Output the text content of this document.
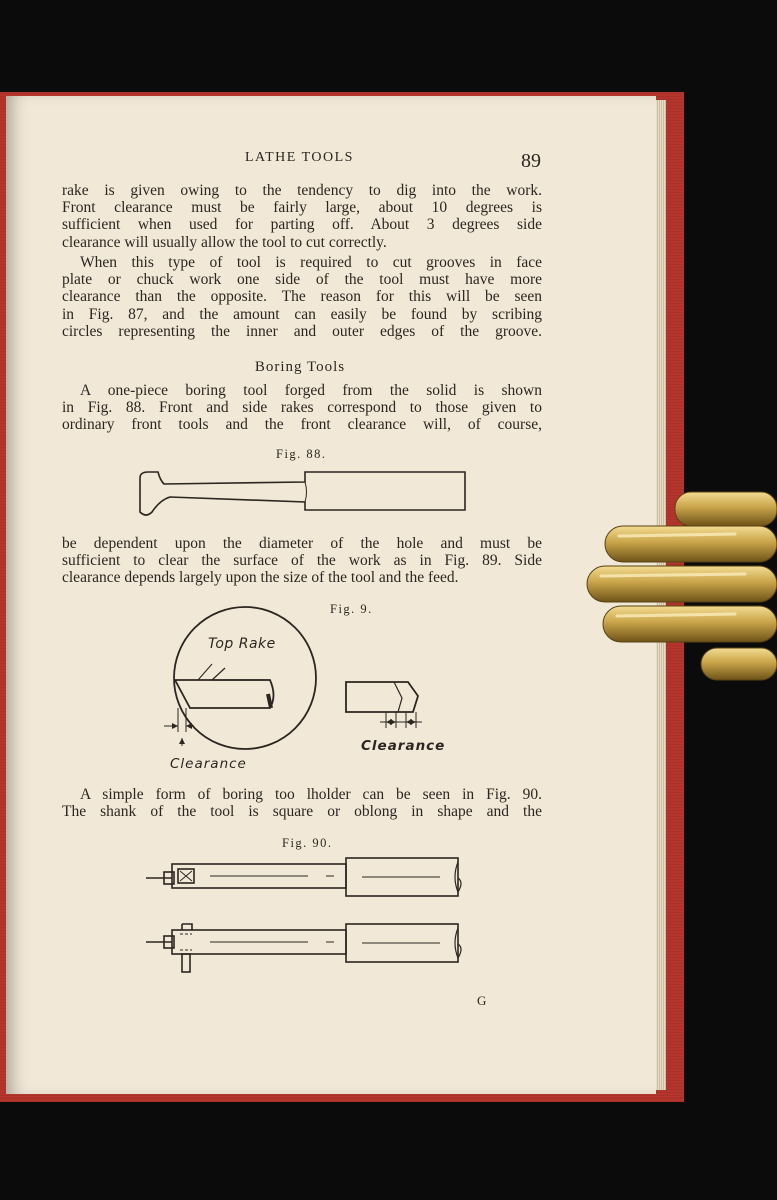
LATHE TOOLS	89
rake is given owing to the tendency to dig into the work.
Front clearance must be fairly large, about 10 degrees is
sufficient when used for parting off. About 3 degrees side
clearance will usually allow the tool to cut correctly.
When this type of tool is required to cut grooves in face
plate or chuck work one side of the tool must have more
clearance than the opposite. The reason for this will be seen
in Fig. 87, and the amount can easily be found by scribing
circles representing the inner and outer edges of the groove.
Boring Tools
A one-piece boring tool forged from the solid is shown
in Fig. 88. Front and side rakes correspond to those given to
ordinary front tools and the front clearance will, of course,
Fig. 88.
be dependent upon the diameter of the hole and must be
sufficient to clear the surface of the work as in Fig. 89. Side
clearance depends largely upon the size of the tool and the feed.
Fig. 9.
Top Rake
Clearance
Clearance
A simple form of boring too lholder can be seen in Fig. 90.
The shank of the tool is square or oblong in shape and the
Fig. 90.
G
